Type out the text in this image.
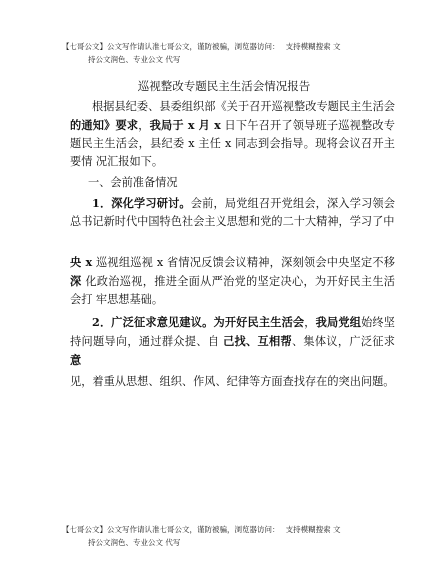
【七哥公文】公文写作请认准七哥公文，谨防被骗，浏览器访问：　 支持模糊搜索 文
持公文润色、专业公文 代写
巡视整改专题民主生活会情况报告
根据县纪委、县委组织部《关于召开巡视整改专题民主生活会的通知》要求，我局于 x 月 x 日下午召开了领导班子巡视整改专题民主生活会，县纪委 x 主任 x 同志到会指导。现将会议召开主要情 况汇报如下。
一、会前准备情况
1．深化学习研讨。会前，局党组召开党组会，深入学习领会 总书记新时代中国特色社会主义思想和党的二十大精神，学习了中
央 x 巡视组巡视 x 省情况反馈会议精神，深刻领会中央坚定不移深 化政治巡视，推进全面从严治党的坚定决心，为开好民主生活会打 牢思想基础。
2．广泛征求意见建议。为开好民主生活会，我局党组始终坚持问题导向，通过群众提、自 己找、互相帮、集体议，广泛征求意
见，着重从思想、组织、作风、纪律等方面查找存在的突出问题。
【七哥公文】公文写作请认准七哥公文，谨防被骗，浏览器访问：　 支持模糊搜索 文
持公文润色、专业公文 代写
